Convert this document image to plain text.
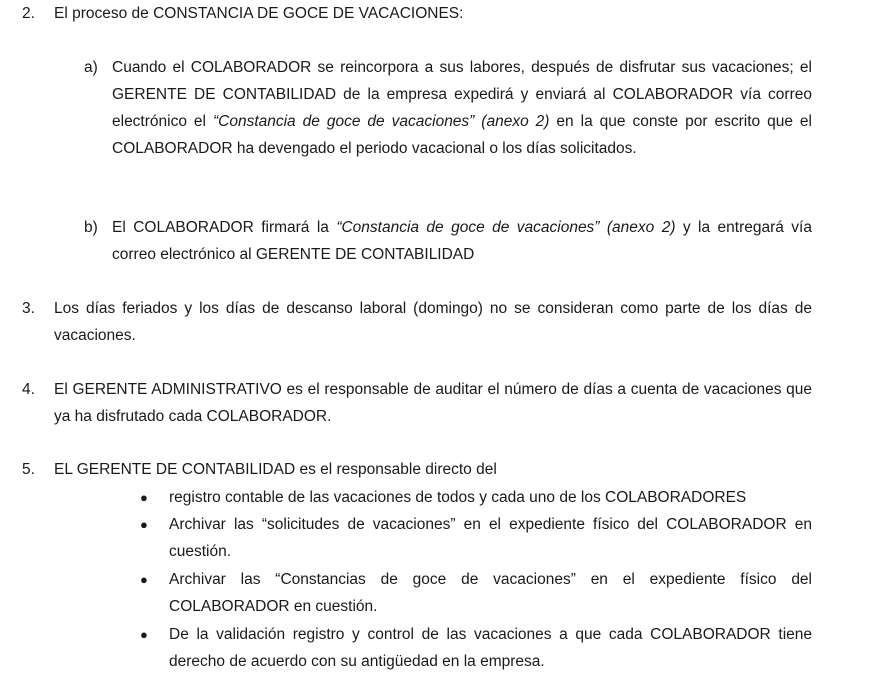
2.	El proceso de CONSTANCIA DE GOCE DE VACACIONES:
a) Cuando el COLABORADOR se reincorpora a sus labores, después de disfrutar sus vacaciones; el GERENTE DE CONTABILIDAD de la empresa expedirá y enviará al COLABORADOR vía correo electrónico el “Constancia de goce de vacaciones” (anexo 2) en la que conste por escrito que el COLABORADOR ha devengado el periodo vacacional o los días solicitados.
b) El COLABORADOR firmará la “Constancia de goce de vacaciones” (anexo 2) y la entregará vía correo electrónico al GERENTE DE CONTABILIDAD
3.	Los días feriados y los días de descanso laboral (domingo) no se consideran como parte de los días de vacaciones.
4.	El GERENTE ADMINISTRATIVO es el responsable de auditar el número de días a cuenta de vacaciones que ya ha disfrutado cada COLABORADOR.
5.	EL GERENTE DE CONTABILIDAD es el responsable directo del
●	registro contable de las vacaciones de todos y cada uno de los COLABORADORES
●	Archivar las “solicitudes de vacaciones” en el expediente físico del COLABORADOR en cuestión.
●	Archivar las “Constancias de goce de vacaciones” en el expediente físico del COLABORADOR en cuestión.
●	De la validación registro y control de las vacaciones a que cada COLABORADOR tiene derecho de acuerdo con su antigüedad en la empresa.
